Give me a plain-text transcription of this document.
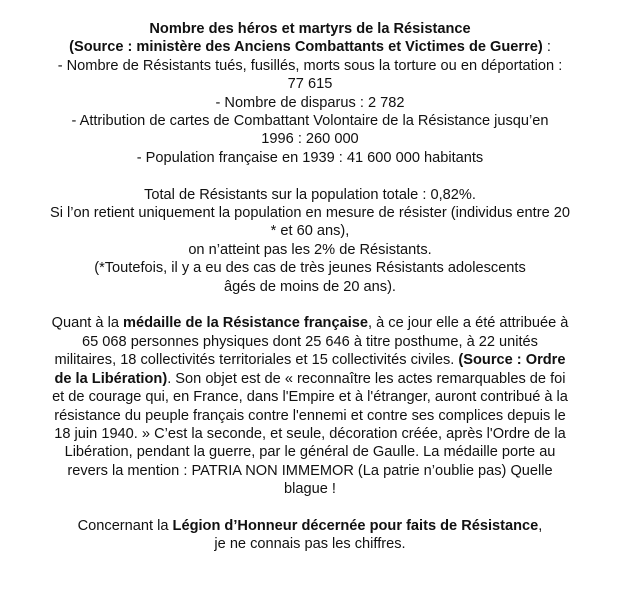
Nombre des héros et martyrs de la Résistance
(Source : ministère des Anciens Combattants et Victimes de Guerre) :
- Nombre de Résistants tués, fusillés, morts sous la torture ou en déportation :
77 615
- Nombre de disparus : 2 782
- Attribution de cartes de Combattant Volontaire de la Résistance jusqu’en
1996 : 260 000
- Population française en 1939 : 41 600 000 habitants
Total de Résistants sur la population totale : 0,82%.
Si l’on retient uniquement la population en mesure de résister (individus entre 20
* et 60 ans),
on n’atteint pas les 2% de Résistants.
(*Toutefois, il y a eu des cas de très jeunes Résistants adolescents
âgés de moins de 20 ans).
Quant à la médaille de la Résistance française, à ce jour elle a été attribuée à
65 068 personnes physiques dont 25 646 à titre posthume, à 22 unités
militaires, 18 collectivités territoriales et 15 collectivités civiles. (Source : Ordre
de la Libération). Son objet est de « reconnaître les actes remarquables de foi
et de courage qui, en France, dans l'Empire et à l'étranger, auront contribué à la
résistance du peuple français contre l'ennemi et contre ses complices depuis le
18 juin 1940. » C’est la seconde, et seule, décoration créée, après l'Ordre de la
Libération, pendant la guerre, par le général de Gaulle. La médaille porte au
revers la mention : PATRIA NON IMMEMOR (La patrie n’oublie pas) Quelle
blague !
Concernant la Légion d’Honneur décernée pour faits de Résistance,
je ne connais pas les chiffres.
